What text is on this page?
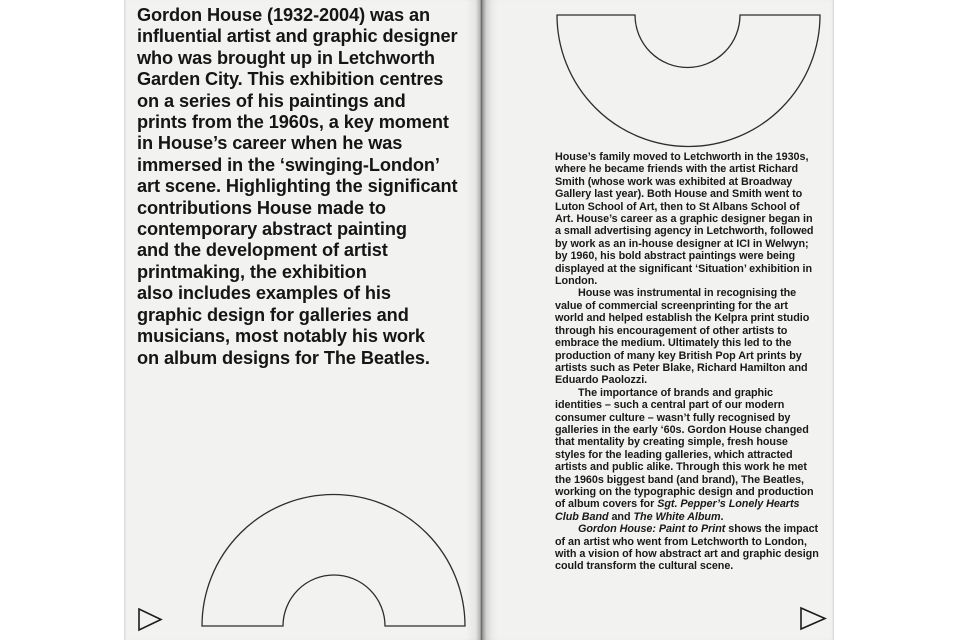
Gordon House (1932-2004) was an
influential artist and graphic designer
who was brought up in Letchworth
Garden City. This exhibition centres
on a series of his paintings and
prints from the 1960s, a key moment
in House’s career when he was
immersed in the ‘swinging-London’
art scene. Highlighting the significant
contributions House made to
contemporary abstract painting
and the development of artist
printmaking, the exhibition
also includes examples of his
graphic design for galleries and
musicians, most notably his work
on album designs for The Beatles.

House’s family moved to Letchworth in the 1930s, where he became friends with the artist Richard Smith (whose work was exhibited at Broadway Gallery last year). Both House and Smith went to Luton School of Art, then to St Albans School of Art. House’s career as a graphic designer began in a small advertising agency in Letchworth, followed by work as an in-house designer at ICI in Welwyn; by 1960, his bold abstract paintings were being displayed at the significant ‘Situation’ exhibition in London.

House was instrumental in recognising the value of commercial screenprinting for the art world and helped establish the Kelpra print studio through his encouragement of other artists to embrace the medium. Ultimately this led to the production of many key British Pop Art prints by artists such as Peter Blake, Richard Hamilton and Eduardo Paolozzi.

The importance of brands and graphic identities – such a central part of our modern consumer culture – wasn’t fully recognised by galleries in the early ‘60s. Gordon House changed that mentality by creating simple, fresh house styles for the leading galleries, which attracted artists and public alike. Through this work he met the 1960s biggest band (and brand), The Beatles, working on the typographic design and production of album covers for Sgt. Pepper’s Lonely Hearts Club Band and The White Album.

Gordon House: Paint to Print shows the impact of an artist who went from Letchworth to London, with a vision of how abstract art and graphic design could transform the cultural scene.
